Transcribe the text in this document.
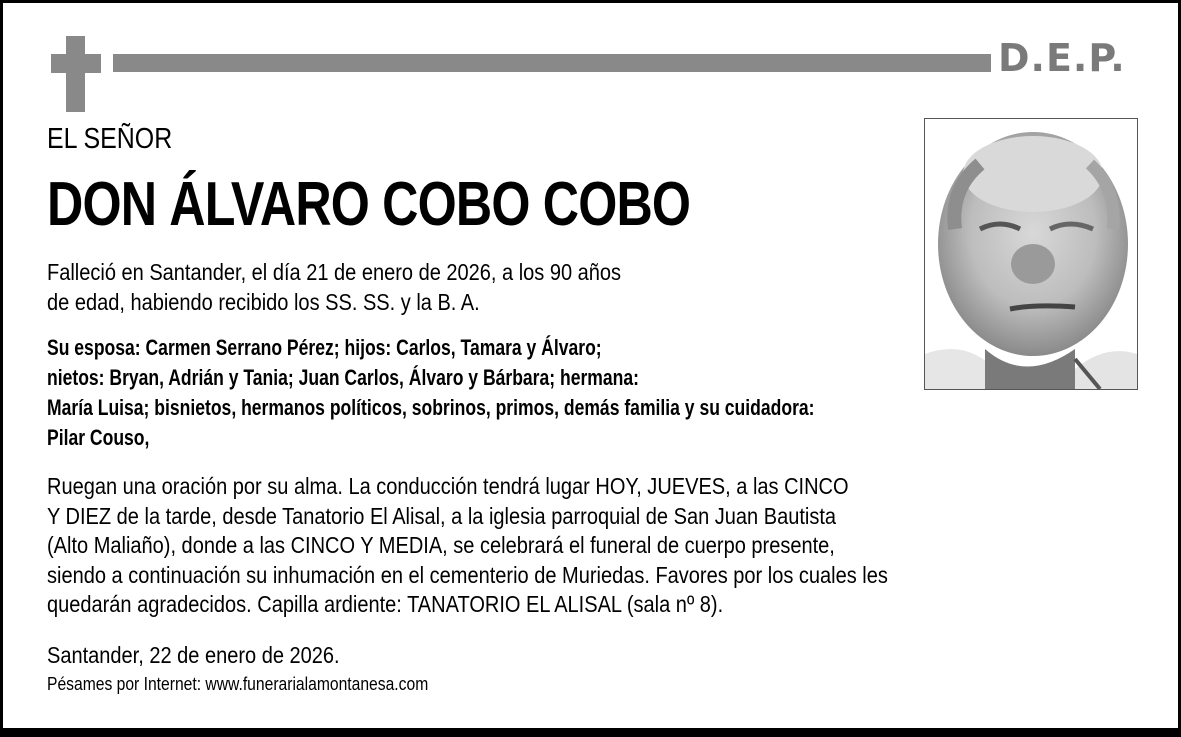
D.E.P.
EL SEÑOR
DON ÁLVARO COBO COBO
Falleció en Santander, el día 21 de enero de 2026, a los 90 años
de edad, habiendo recibido los SS. SS. y la B. A.
Su esposa: Carmen Serrano Pérez; hijos: Carlos, Tamara y Álvaro;
nietos: Bryan, Adrián y Tania; Juan Carlos, Álvaro y Bárbara; hermana:
María Luisa; bisnietos, hermanos políticos, sobrinos, primos, demás familia y su cuidadora:
Pilar Couso,
Ruegan una oración por su alma. La conducción tendrá lugar HOY, JUEVES, a las CINCO
Y DIEZ de la tarde, desde Tanatorio El Alisal, a la iglesia parroquial de San Juan Bautista
(Alto Maliaño), donde a las CINCO Y MEDIA, se celebrará el funeral de cuerpo presente,
siendo a continuación su inhumación en el cementerio de Muriedas. Favores por los cuales les
quedarán agradecidos. Capilla ardiente: TANATORIO EL ALISAL (sala nº 8).
Santander, 22 de enero de 2026.
Pésames por Internet: www.funerarialamontanesa.com
